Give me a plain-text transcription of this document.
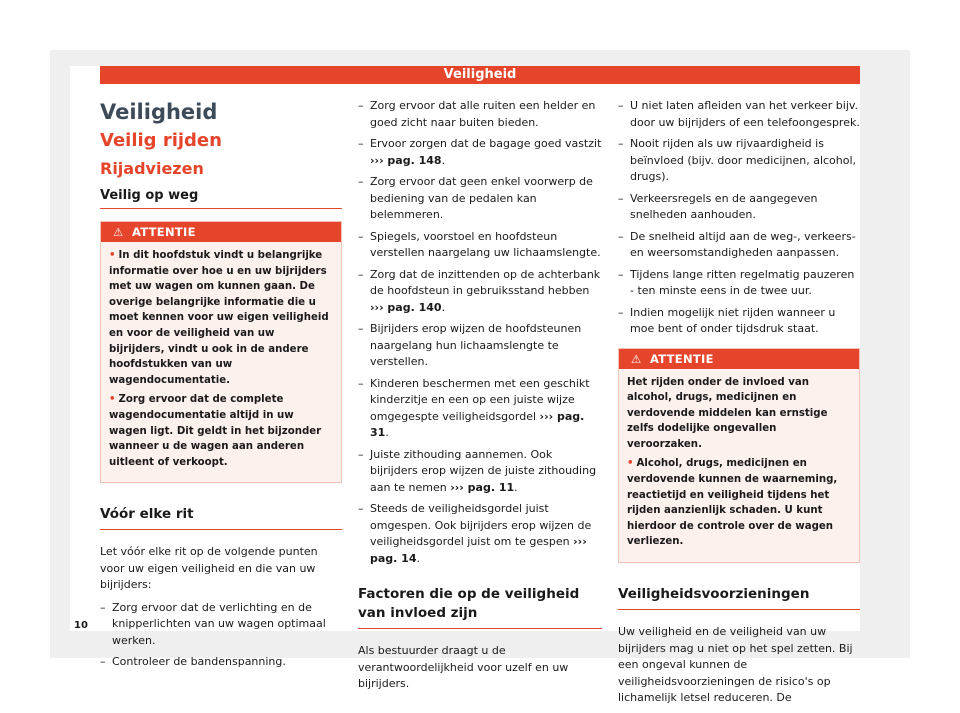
Veiligheid
Veiligheid
Veilig rijden
Rijadviezen
Veilig op weg
⚠ ATTENTIE

• In dit hoofdstuk vindt u belangrijke informatie over hoe u en uw bijrijders met uw wagen om kunnen gaan. De overige belangrijke informatie die u moet kennen voor uw eigen veiligheid en voor de veiligheid van uw bijrijders, vindt u ook in de andere hoofdstukken van uw wagendocumentatie.

• Zorg ervoor dat de complete wagendocumentatie altijd in uw wagen ligt. Dit geldt in het bijzonder wanneer u de wagen aan anderen uitleent of verkoopt.

Vóór elke rit

Let vóór elke rit op de volgende punten voor uw eigen veiligheid en die van uw bijrijders:

– Zorg ervoor dat de verlichting en de knipperlichten van uw wagen optimaal werken.
– Controleer de bandenspanning.
– Zorg ervoor dat alle ruiten een helder en goed zicht naar buiten bieden.
– Ervoor zorgen dat de bagage goed vastzit ››› pag. 148.
– Zorg ervoor dat geen enkel voorwerp de bediening van de pedalen kan belemmeren.
– Spiegels, voorstoel en hoofdsteun verstellen naargelang uw lichaamslengte.
– Zorg dat de inzittenden op de achterbank de hoofdsteun in gebruiksstand hebben ››› pag. 140.
– Bijrijders erop wijzen de hoofdsteunen naargelang hun lichaamslengte te verstellen.
– Kinderen beschermen met een geschikt kinderzitje en een op een juiste wijze omgegespte veiligheidsgordel ››› pag. 31.
– Juiste zithouding aannemen. Ook bijrijders erop wijzen de juiste zithouding aan te nemen ››› pag. 11.
– Steeds de veiligheidsgordel juist omgespen. Ook bijrijders erop wijzen de veiligheidsgordel juist om te gespen ››› pag. 14.
Factoren die op de veiligheid van invloed zijn

Als bestuurder draagt u de verantwoordelijkheid voor uzelf en uw bijrijders.

– U niet laten afleiden van het verkeer bijv. door uw bijrijders of een telefoongesprek.
– Nooit rijden als uw rijvaardigheid is beïnvloed (bijv. door medicijnen, alcohol, drugs).
– Verkeersregels en de aangegeven snelheden aanhouden.
– De snelheid altijd aan de weg-, verkeers- en weersomstandigheden aanpassen.
– Tijdens lange ritten regelmatig pauzeren - ten minste eens in de twee uur.
– Indien mogelijk niet rijden wanneer u moe bent of onder tijdsdruk staat.
⚠ ATTENTIE

Het rijden onder de invloed van alcohol, drugs, medicijnen en verdovende middelen kan ernstige zelfs dodelijke ongevallen veroorzaken.

• Alcohol, drugs, medicijnen en verdovende kunnen de waarneming, reactietijd en veiligheid tijdens het rijden aanzienlijk schaden. U kunt hierdoor de controle over de wagen verliezen.

Veiligheidsvoorzieningen

Uw veiligheid en de veiligheid van uw bijrijders mag u niet op het spel zetten. Bij een ongeval kunnen de veiligheidsvoorzieningen de risico's op lichamelijk letsel reduceren. De

10
